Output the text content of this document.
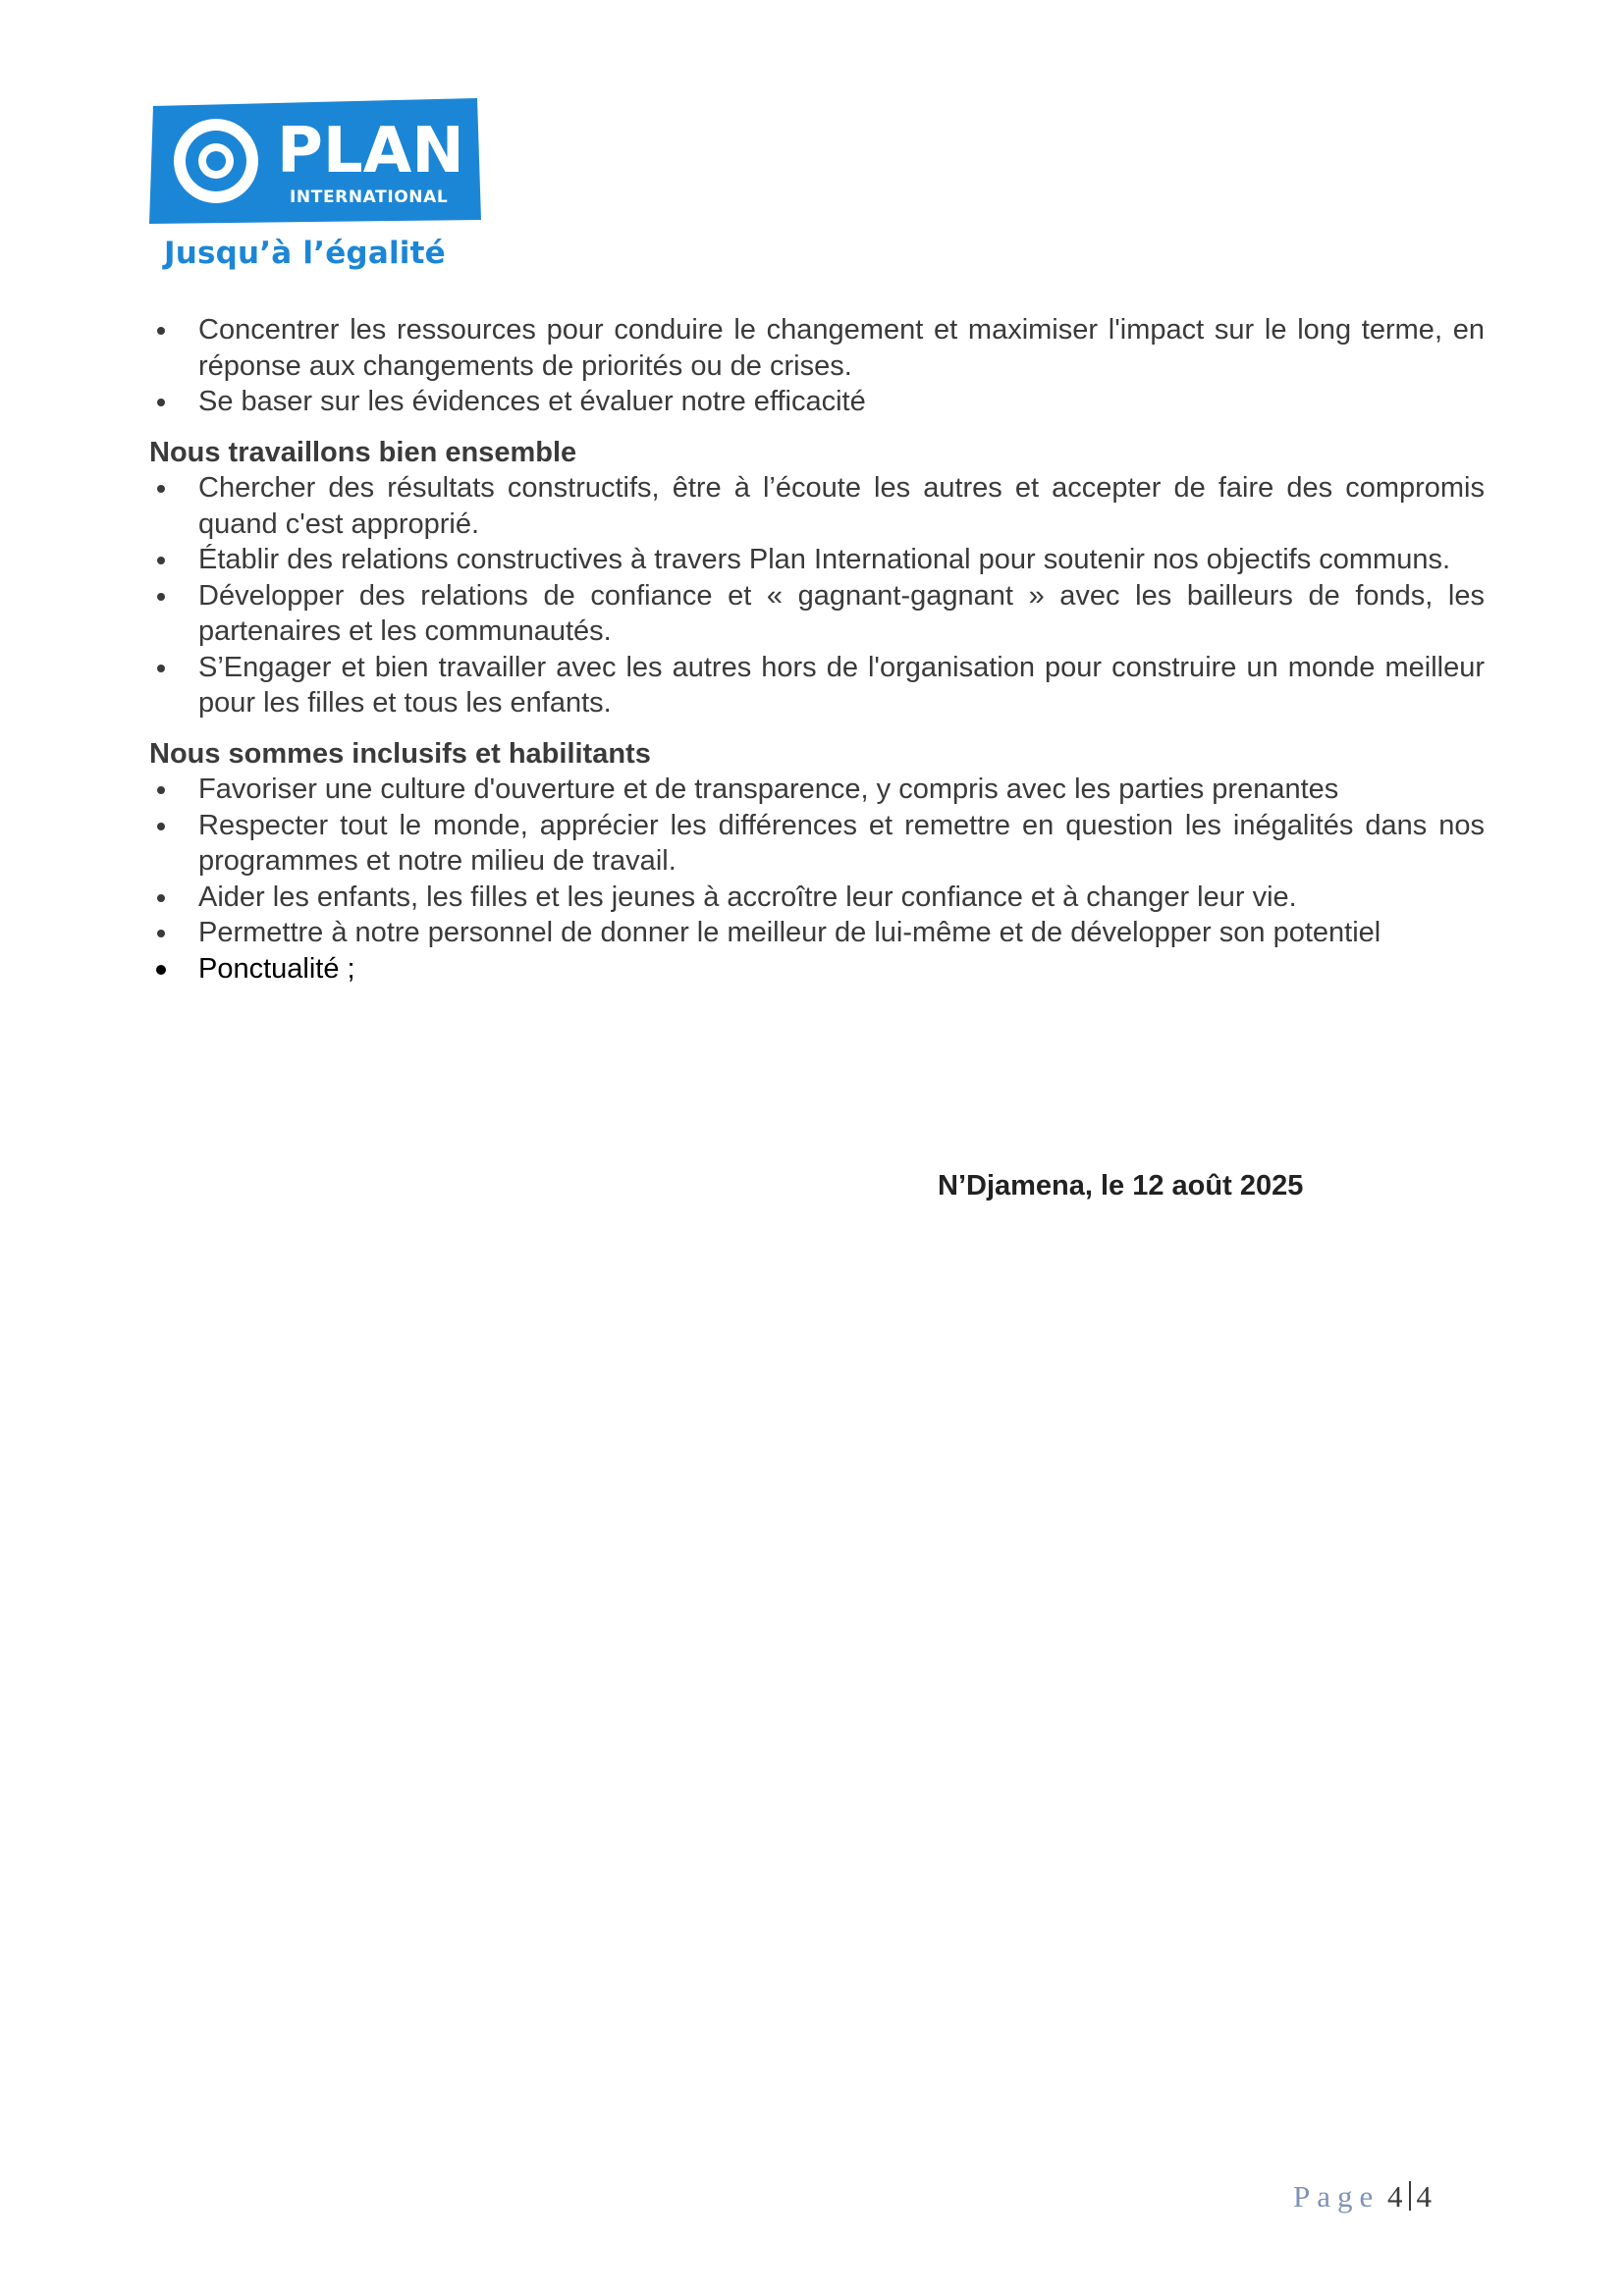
PLAN
INTERNATIONAL
Jusqu’à l’égalité
Concentrer les ressources pour conduire le changement et maximiser l'impact sur le long terme, en réponse aux changements de priorités ou de crises.
Se baser sur les évidences et évaluer notre efficacité

Nous travaillons bien ensemble

Chercher des résultats constructifs, être à l’écoute les autres et accepter de faire des compromis quand c'est approprié.
Établir des relations constructives à travers Plan International pour soutenir nos objectifs communs.
Développer des relations de confiance et « gagnant-gagnant » avec les bailleurs de fonds, les partenaires et les communautés.
S’Engager et bien travailler avec les autres hors de l'organisation pour construire un monde meilleur pour les filles et tous les enfants.

Nous sommes inclusifs et habilitants

Favoriser une culture d'ouverture et de transparence, y compris avec les parties prenantes
Respecter tout le monde, apprécier les différences et remettre en question les inégalités dans nos programmes et notre milieu de travail.
Aider les enfants, les filles et les jeunes à accroître leur confiance et à changer leur vie.
Permettre à notre personnel de donner le meilleur de lui-même et de développer son potentiel
Ponctualité ;
N’Djamena, le 12 août 2025
Page 4 4
